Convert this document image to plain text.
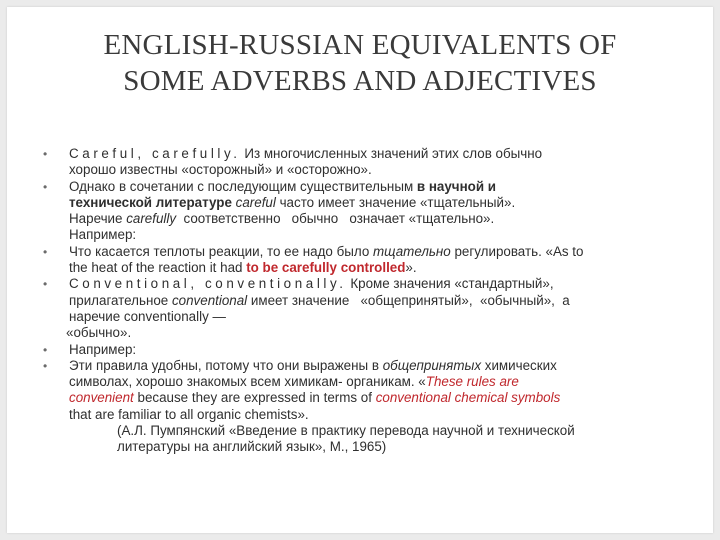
ENGLISH-RUSSIAN EQUIVALENTS OF
SOME ADVERBS AND ADJECTIVES
•	Careful, carefully. Из многочисленных значений этих слов обычно
хорошо известны «осторожный» и «осторожно».
•	Однако в сочетании с последующим существительным в научной и
технической литературе careful часто имеет значение «тщательный».
Наречие carefully  соответственно   обычно   означает «тщательно».
Например:
•	Что касается теплоты реакции, то ее надо было тщательно регулировать. «As to
the heat of the reaction it had to be carefully controlled».
•	Conventional, conventionally. Кроме значения «стандартный»,
прилагательное conventional имеет значение   «общепринятый»,  «обычный»,  а
наречие conventionally —
«обычно».
•	Например:
•	Эти правила удобны, потому что они выражены в общепринятых химических
символах, хорошо знакомых всем химикам- органикам. «These rules are
convenient because they are expressed in terms of conventional chemical symbols
that are familiar to all organic chemists».
(А.Л. Пумпянский «Введение в практику перевода научной и технической
литературы на английский язык», М., 1965)
